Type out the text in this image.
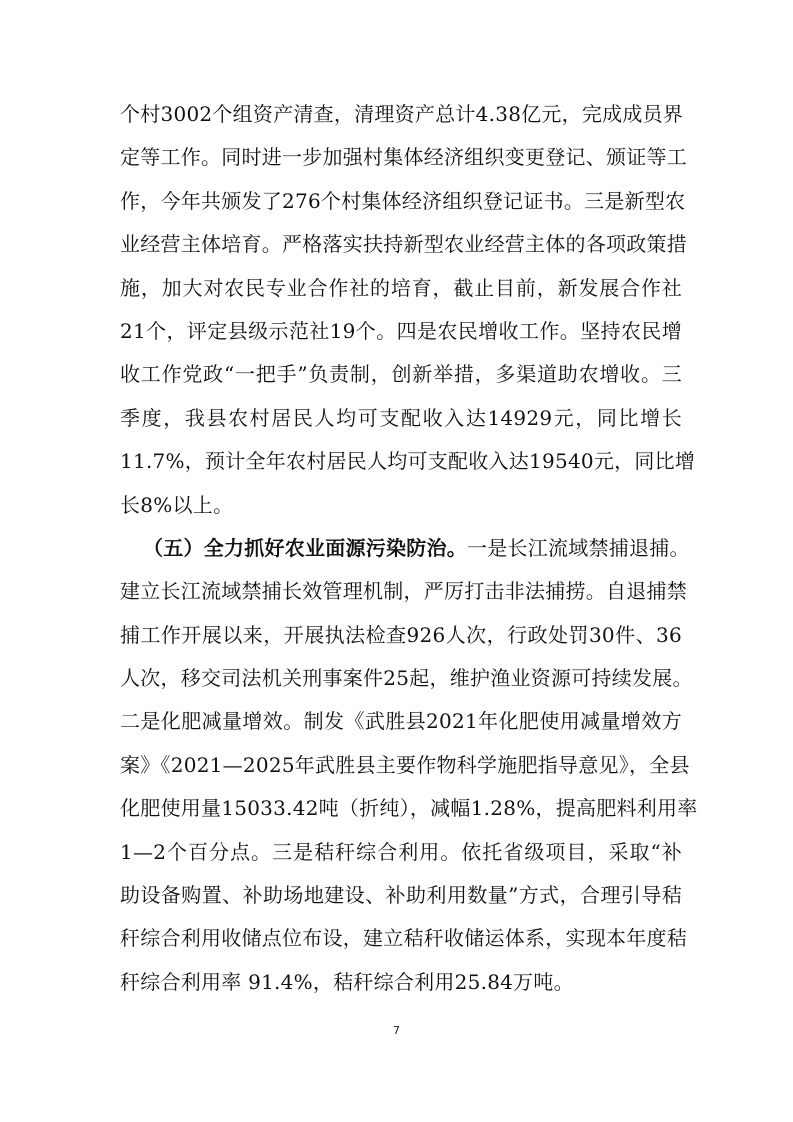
个村3002个组资产清查，清理资产总计4.38亿元，完成成员界
定等工作。同时进一步加强村集体经济组织变更登记、颁证等工
作，今年共颁发了276个村集体经济组织登记证书。三是新型农
业经营主体培育。严格落实扶持新型农业经营主体的各项政策措
施，加大对农民专业合作社的培育，截止目前，新发展合作社
21个，评定县级示范社19个。四是农民增收工作。坚持农民增
收工作党政“一把手”负责制，创新举措，多渠道助农增收。三
季度，我县农村居民人均可支配收入达14929元，同比增长
11.7%，预计全年农村居民人均可支配收入达19540元，同比增
长8%以上。
（五）全力抓好农业面源污染防治。一是长江流域禁捕退捕。
建立长江流域禁捕长效管理机制，严厉打击非法捕捞。自退捕禁
捕工作开展以来，开展执法检查926人次，行政处罚30件、36
人次，移交司法机关刑事案件25起，维护渔业资源可持续发展。
二是化肥减量增效。制发《武胜县2021年化肥使用减量增效方
案》《2021—2025年武胜县主要作物科学施肥指导意见》，全县
化肥使用量15033.42吨（折纯），减幅1.28%，提高肥料利用率
1—2个百分点。三是秸秆综合利用。依托省级项目，采取“补
助设备购置、补助场地建设、补助利用数量”方式，合理引导秸
秆综合利用收储点位布设，建立秸秆收储运体系，实现本年度秸
秆综合利用率 91.4%，秸秆综合利用25.84万吨。
7
